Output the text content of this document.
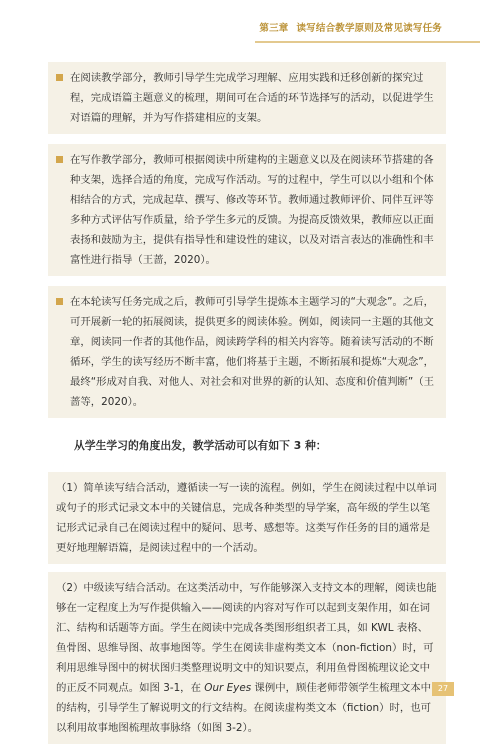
第三章 读写结合教学原则及常见读写任务
在阅读教学部分，教师引导学生完成学习理解、应用实践和迁移创新的探究过程，完成语篇主题意义的梳理，期间可在合适的环节选择写的活动，以促进学生对语篇的理解，并为写作搭建相应的支架。
在写作教学部分，教师可根据阅读中所建构的主题意义以及在阅读环节搭建的各种支架，选择合适的角度，完成写作活动。写的过程中，学生可以以小组和个体相结合的方式，完成起草、撰写、修改等环节。教师通过教师评价、同伴互评等多种方式评估写作质量，给予学生多元的反馈。为提高反馈效果，教师应以正面表扬和鼓励为主，提供有指导性和建设性的建议，以及对语言表达的准确性和丰富性进行指导（王蔷，2020）。
在本轮读写任务完成之后，教师可引导学生提炼本主题学习的“大观念”。之后，可开展新一轮的拓展阅读，提供更多的阅读体验。例如，阅读同一主题的其他文章，阅读同一作者的其他作品，阅读跨学科的相关内容等。随着读写活动的不断循环，学生的读写经历不断丰富，他们将基于主题，不断拓展和提炼“大观念”，最终“形成对自我、对他人、对社会和对世界的新的认知、态度和价值判断”（王蔷等，2020）。
从学生学习的角度出发，教学活动可以有如下 3 种：
（1）简单读写结合活动，遵循读一写一读的流程。例如，学生在阅读过程中以单词或句子的形式记录文本中的关键信息，完成各种类型的导学案，高年级的学生以笔记形式记录自己在阅读过程中的疑问、思考、感想等。这类写作任务的目的通常是更好地理解语篇，是阅读过程中的一个活动。
（2）中级读写结合活动。在这类活动中，写作能够深入支持文本的理解，阅读也能够在一定程度上为写作提供输入——阅读的内容对写作可以起到支架作用，如在词汇、结构和话题等方面。学生在阅读中完成各类图形组织者工具，如 KWL 表格、鱼骨图、思维导图、故事地图等。学生在阅读非虚构类文本（non-fiction）时，可利用思维导图中的树状图归类整理说明文中的知识要点，利用鱼骨图梳理议论文中的正反不同观点。如图 3-1，在 Our Eyes 课例中，顾佳老师带领学生梳理文本中的结构，引导学生了解说明文的行文结构。在阅读虚构类文本（fiction）时，也可以利用故事地图梳理故事脉络（如图 3-2）。
27
